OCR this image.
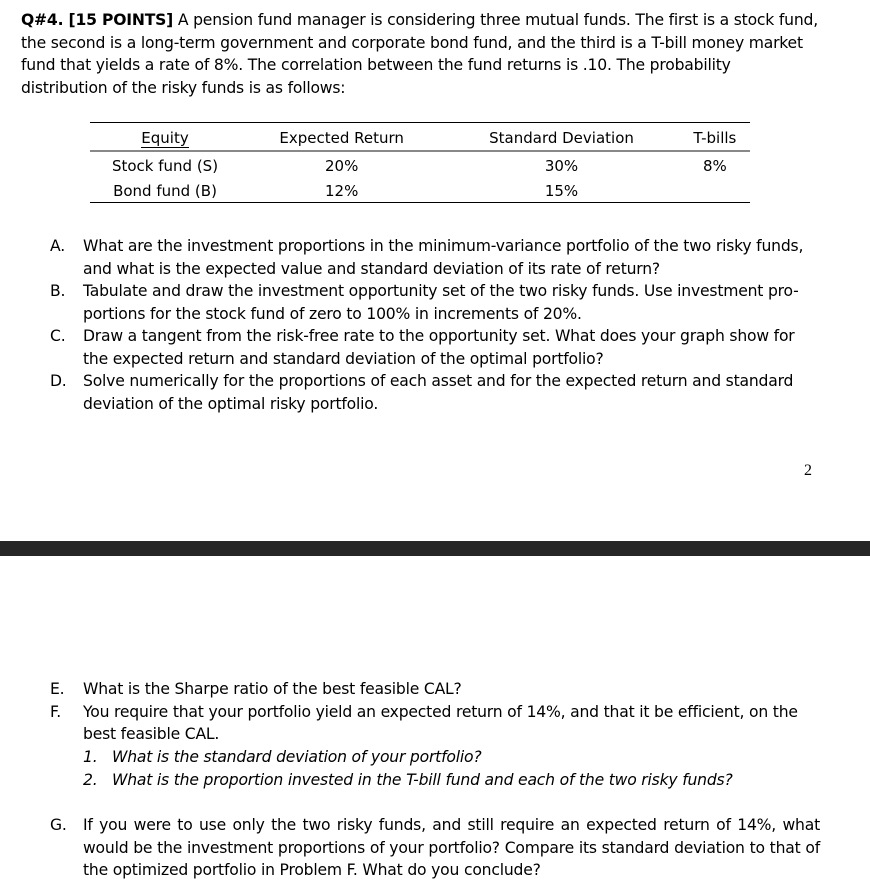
Q#4. [15 POINTS] A pension fund manager is considering three mutual funds. The first is a stock fund, the second is a long-term government and corporate bond fund, and the third is a T-bill money market fund that yields a rate of 8%. The correlation between the fund returns is .10. The probability distribution of the risky funds is as follows:

Equity	Expected Return	Standard Deviation	T-bills
Stock fund (S)	20%	30%	8%
Bond fund (B)	12%	15%	
A. What are the investment proportions in the minimum-variance portfolio of the two risky funds, and what is the expected value and standard deviation of its rate of return?
B. Tabulate and draw the investment opportunity set of the two risky funds. Use investment pro- portions for the stock fund of zero to 100% in increments of 20%.
C. Draw a tangent from the risk-free rate to the opportunity set. What does your graph show for the expected return and standard deviation of the optimal portfolio?
D. Solve numerically for the proportions of each asset and for the expected return and standard deviation of the optimal risky portfolio.
2
E. What is the Sharpe ratio of the best feasible CAL?
F. You require that your portfolio yield an expected return of 14%, and that it be efficient, on the best feasible CAL.
1. What is the standard deviation of your portfolio?
2. What is the proportion invested in the T-bill fund and each of the two risky funds?
G. If you were to use only the two risky funds, and still require an expected return of 14%, what would be the investment proportions of your portfolio? Compare its standard deviation to that of the optimized portfolio in Problem F. What do you conclude?
